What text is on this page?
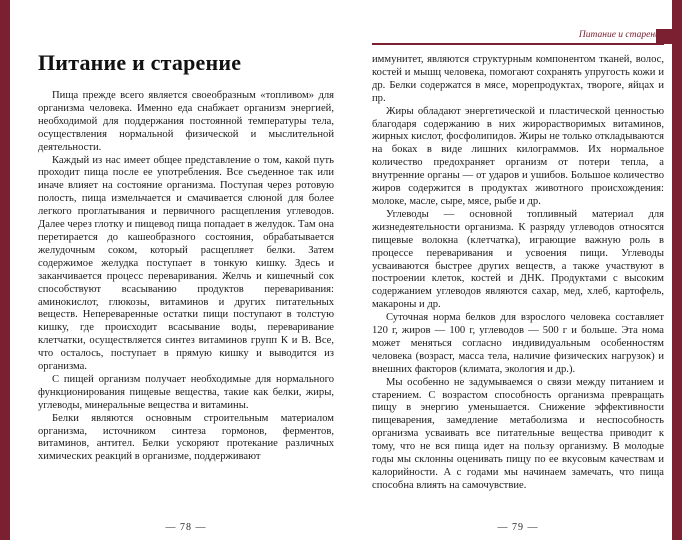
Питание и старение

Пища прежде всего является своеобразным «топливом» для организма человека. Именно еда снабжает организм энергией, необходимой для поддержания постоянной температуры тела, осуществления нормальной физической и мыслительной деятельности.

Каждый из нас имеет общее представление о том, какой путь проходит пища после ее употребления. Все съеденное так или иначе влияет на состояние организма. Поступая через ротовую полость, пища измельчается и смачивается слюной для более легкого проглатывания и первичного расщепления углеводов. Далее через глотку и пищевод пища попадает в желудок. Там она перетирается до кашеобразного состояния, обрабатывается желудочным соком, который расщепляет белки. Затем содержимое желудка поступает в тонкую кишку. Здесь и заканчивается процесс переваривания. Желчь и кишечный сок способствуют всасыванию продуктов переваривания: аминокислот, глюкозы, витаминов и других питательных веществ. Непереваренные остатки пищи поступают в толстую кишку, где происходит всасывание воды, переваривание клетчатки, осуществляется синтез витаминов групп К и В. Все, что осталось, поступает в прямую кишку и выводится из организма.

С пищей организм получает необходимые для нормального функционирования пищевые вещества, такие как белки, жиры, углеводы, минеральные вещества и витамины.

Белки являются основным строительным материалом организма, источником синтеза гормонов, ферментов, витаминов, антител. Белки ускоряют протекание различных химических реакций в организме, поддерживают

— 78 —
Питание и старение

иммунитет, являются структурным компонентом тканей, волос, костей и мышц человека, помогают сохранять упругость кожи и др. Белки содержатся в мясе, морепродуктах, твороге, яйцах и пр.

Жиры обладают энергетической и пластической ценностью благодаря содержанию в них жирорастворимых витаминов, жирных кислот, фосфолипидов. Жиры не только откладываются на боках в виде лишних килограммов. Их нормальное количество предохраняет организм от потери тепла, а внутренние органы — от ударов и ушибов. Большое количество жиров содержится в продуктах животного происхождения: молоке, масле, сыре, мясе, рыбе и др.

Углеводы — основной топливный материал для жизнедеятельности организма. К разряду углеводов относятся пищевые волокна (клетчатка), играющие важную роль в процессе переваривания и усвоения пищи. Углеводы усваиваются быстрее других веществ, а также участвуют в построении клеток, костей и ДНК. Продуктами с высоким содержанием углеводов являются сахар, мед, хлеб, картофель, макароны и др.

Суточная норма белков для взрослого человека составляет 120 г, жиров — 100 г, углеводов — 500 г и больше. Эта нома может меняться согласно индивидуальным особенностям человека (возраст, масса тела, наличие физических нагрузок) и внешних факторов (климата, экология и др.).

Мы особенно не задумываемся о связи между питанием и старением. С возрастом способность организма превращать пищу в энергию уменьшается. Снижение эффективности пищеварения, замедление метаболизма и неспособность организма усваивать все питательные вещества приводит к тому, что не вся пища идет на пользу организму. В молодые годы мы склонны оценивать пищу по ее вкусовым качествам и калорийности. А с годами мы начинаем замечать, что пища способна влиять на самочувствие.

— 79 —
